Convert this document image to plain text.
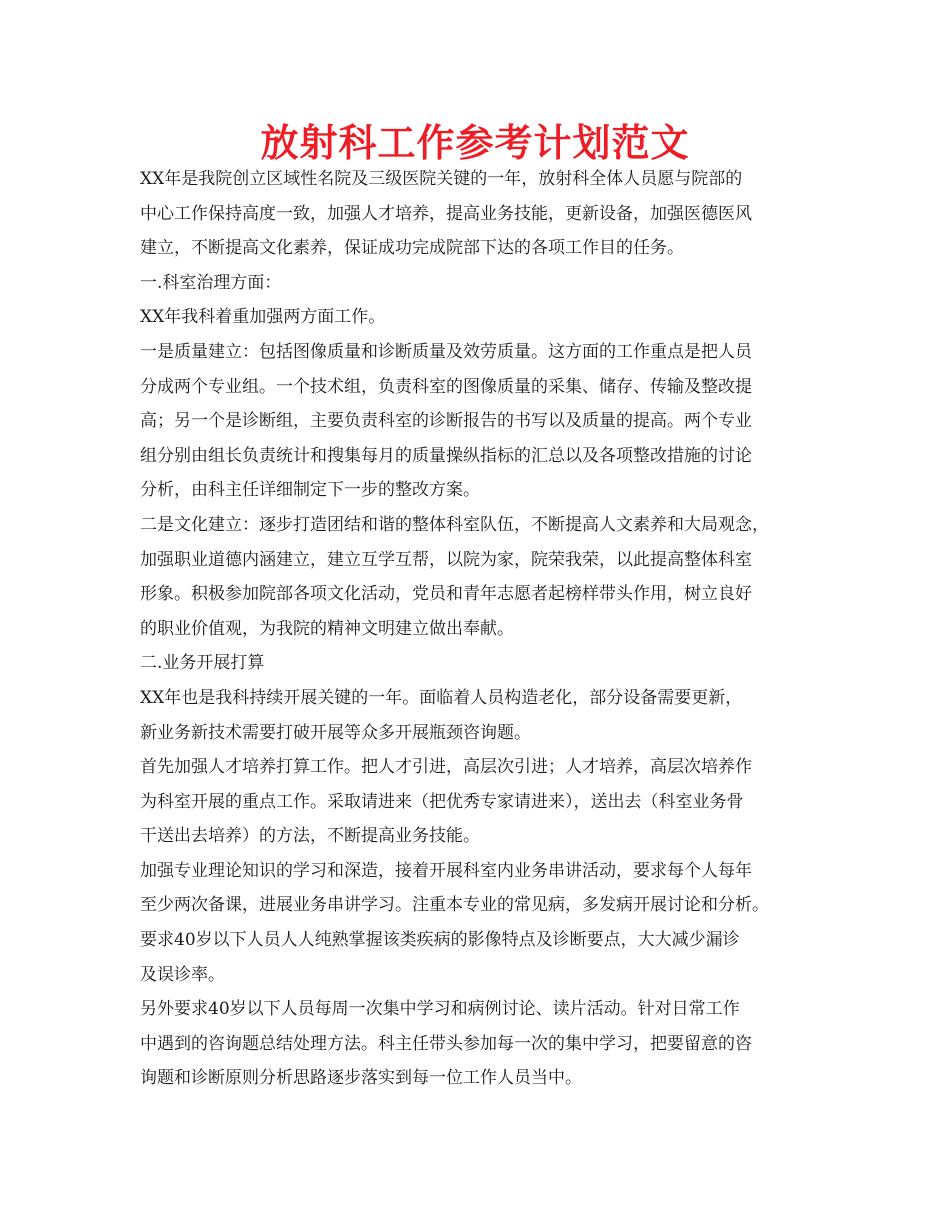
放射科工作参考计划范文
XX年是我院创立区域性名院及三级医院关键的一年，放射科全体人员愿与院部的
中心工作保持高度一致，加强人才培养，提高业务技能，更新设备，加强医德医风
建立，不断提高文化素养，保证成功完成院部下达的各项工作目的任务。
一.科室治理方面：
XX年我科着重加强两方面工作。
一是质量建立：包括图像质量和诊断质量及效劳质量。这方面的工作重点是把人员
分成两个专业组。一个技术组，负责科室的图像质量的采集、储存、传输及整改提
高；另一个是诊断组，主要负责科室的诊断报告的书写以及质量的提高。两个专业
组分别由组长负责统计和搜集每月的质量操纵指标的汇总以及各项整改措施的讨论
分析，由科主任详细制定下一步的整改方案。
二是文化建立：逐步打造团结和谐的整体科室队伍，不断提高人文素养和大局观念，
加强职业道德内涵建立，建立互学互帮，以院为家，院荣我荣，以此提高整体科室
形象。积极参加院部各项文化活动，党员和青年志愿者起榜样带头作用，树立良好
的职业价值观，为我院的精神文明建立做出奉献。
二.业务开展打算
XX年也是我科持续开展关键的一年。面临着人员构造老化，部分设备需要更新，
新业务新技术需要打破开展等众多开展瓶颈咨询题。
首先加强人才培养打算工作。把人才引进，高层次引进；人才培养，高层次培养作
为科室开展的重点工作。采取请进来（把优秀专家请进来），送出去（科室业务骨
干送出去培养）的方法，不断提高业务技能。
加强专业理论知识的学习和深造，接着开展科室内业务串讲活动，要求每个人每年
至少两次备课，进展业务串讲学习。注重本专业的常见病，多发病开展讨论和分析。
要求40岁以下人员人人纯熟掌握该类疾病的影像特点及诊断要点，大大减少漏诊
及误诊率。
另外要求40岁以下人员每周一次集中学习和病例讨论、读片活动。针对日常工作
中遇到的咨询题总结处理方法。科主任带头参加每一次的集中学习，把要留意的咨
询题和诊断原则分析思路逐步落实到每一位工作人员当中。
